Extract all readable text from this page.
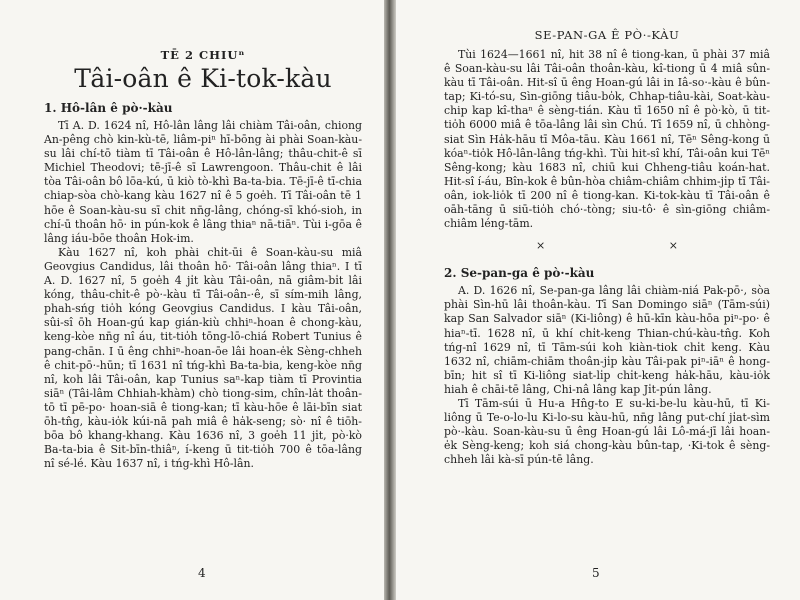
TĒ 2 CHIUⁿ
Tâi-oân ê Ki-tok-kàu
1. Hô-lân ê pò·-kàu

Tī A. D. 1624 nî, Hô-lân lâng lâi chiàm Tâi-oân, chiong An-pêng chò kin-kù-tē, liâm-piⁿ hī-bōng ài phài Soan-kàu-su lâi chí-tō tiàm tī Tâi-oân ê Hô-lân-lâng; thâu-chit-ê sī Michiel Theodovi; tē-jī-ê sī Lawrengoon. Thâu-chit ê lâi tòa Tâi-oân bô lōa-kú, ū kiò tò-khì Ba-ta-bia. Tē-jī-ê tī-chia chiap-sòa chò-kang kàu 1627 nî ê 5 goe̍h. Tī Tâi-oân tē 1 hōe ê Soan-kàu-su sī chit nn̄g-lâng, chóng-sī khó-sioh, in chí-ū thoân hō· in pún-kok ê lâng thiaⁿ nā-tiāⁿ. Tùi i-gōa ê lâng iáu-bōe thoân Hok-im.

Kàu 1627 nî, koh phài chi̍t-ūi ê Soan-kàu-su miâ Geovgius Candidus, lâi thoân hō· Tâi-oân lâng thiaⁿ. I tī A. D. 1627 nî, 5 goe̍h 4 ji̍t kàu Tâi-oân, nā giâm-bi̍t lâi kóng, thâu-chi̍t-ê pò·-kàu tī Tâi-oân-·ê, sī sím-mih lâng, phah-sńg tio̍h kóng Geovgius Candidus. I kàu Tâi-oân, sûi-sî ōh Hoan-gú kap gián-kiù chhiⁿ-hoan ê chong-kàu, keng-kòe nn̄g nî áu, tit-tio̍h tōng-lō-chiá Robert Tunius ê pang-chān. I ū êng chhiⁿ-hoan-ōe lâi hoan-e̍k Sèng-chheh ê chit-pō·-hūn; tī 1631 nî tńg-khì Ba-ta-bia, keng-kòe nn̄g nî, koh lâi Tâi-oân, kap Tunius saⁿ-kap tiàm tī Provintia siāⁿ (Tâi-lâm Chhiah-khàm) chò tiong-sim, chîn-la̍t thoân-tō tī pē-po· hoan-siā ê tiong-kan; tī kàu-hōe ê lāi-bīn siat ōh-tn̂g, kàu-io̍k kúi-nā pah miâ ê ha̍k-seng; sò· nî ê tiōh-bōa bô khang-khang. Kàu 1636 nî, 3 goe̍h 11 ji̍t, pò·kò Ba-ta-bia ê Sit-bīn-thiâⁿ, í-keng ū tit-tio̍h 700 ê tōa-lâng nî sé-lé. Kàu 1637 nî, i tńg-khì Hô-lân.

4
SE-PAN-GA Ê PÒ·-KÀU

Tùi 1624—1661 nî, hit 38 nî ê tiong-kan, ū phài 37 miâ ê Soan-kàu-su lâi Tâi-oân thoân-kàu, kî-tiong ū 4 miâ sûn-kàu tī Tâi-oân. Hit-sî ū êng Hoan-gú lâi in Iâ-so·-kàu ê bûn-tap; Ki-tó-su, Sìn-giōng tiâu-bo̍k, Chhap-tiâu-kài, Soat-kàu-chip kap kî-thaⁿ ê sèng-tián. Kàu tī 1650 nî ê pò·kò, ū tit-tio̍h 6000 miâ ê tōa-lâng lâi sìn Chú. Tī 1659 nî, ū chhòng-siat Sìn Ha̍k-hāu tī Môa-tāu. Kàu 1661 nî, Tēⁿ Sêng-kong ū kóaⁿ-tio̍k Hô-lân-lâng tńg-khì. Tùi hit-sî khí, Tâi-oân kui Tēⁿ Sêng-kong; kàu 1683 nî, chiū kui Chheng-tiâu koán-hat. Hit-sî í-áu, Bîn-kok ê bûn-hòa chiâm-chiâm chhim-ji̍p tī Tâi-oân, iok-lio̍k tī 200 nî ê tiong-kan. Ki-tok-kàu tī Tâi-oân ê oāh-tāng ū siū-tio̍h chó·-tòng; siu-tô· ê sìn-giōng chiâm-chiâm léng-tām.

× ×
2. Se-pan-ga ê pò·-kàu

A. D. 1626 nî, Se-pan-ga lâng lâi chiàm-niá Pak-pō·, sòa phài Sìn-hū lâi thoân-kàu. Tī San Domingo siāⁿ (Tām-súi) kap San Salvador siāⁿ (Ki-liông) ê hū-kīn kàu-hōa piⁿ-po· ê hiaⁿ-tī. 1628 nî, ū khí chi̍t-keng Thian-chú-kàu-tn̂g. Koh tńg-nî 1629 nî, tī Tām-súi koh kiàn-tiok chi̍t keng. Kàu 1632 nî, chiām-chiām thoân-ji̍p kàu Tâi-pak piⁿ-iāⁿ ê hong-bīn; hit sî tī Ki-liông siat-li̍p chi̍t-keng ha̍k-hāu, kàu-io̍k hiah ê chāi-tē lâng, Chi-nâ lâng kap Ji̍t-pún lâng.

Tī Tām-súi ū Hu-a Hn̂g-to E su-ki-be-lu kàu-hū, tī Ki-liông ū Te-o-lo-lu Ki-lo-su kàu-hū, nn̄g lâng put-chí ji̍at-sìm pò·-kàu. Soan-kàu-su ū êng Hoan-gú lâi Lô-má-jī lâi hoan-e̍k Sèng-keng; koh siá chong-kàu bûn-tap, ·Ki-tok ê sèng-chheh lâi kà-sī pún-tē lâng.

5
